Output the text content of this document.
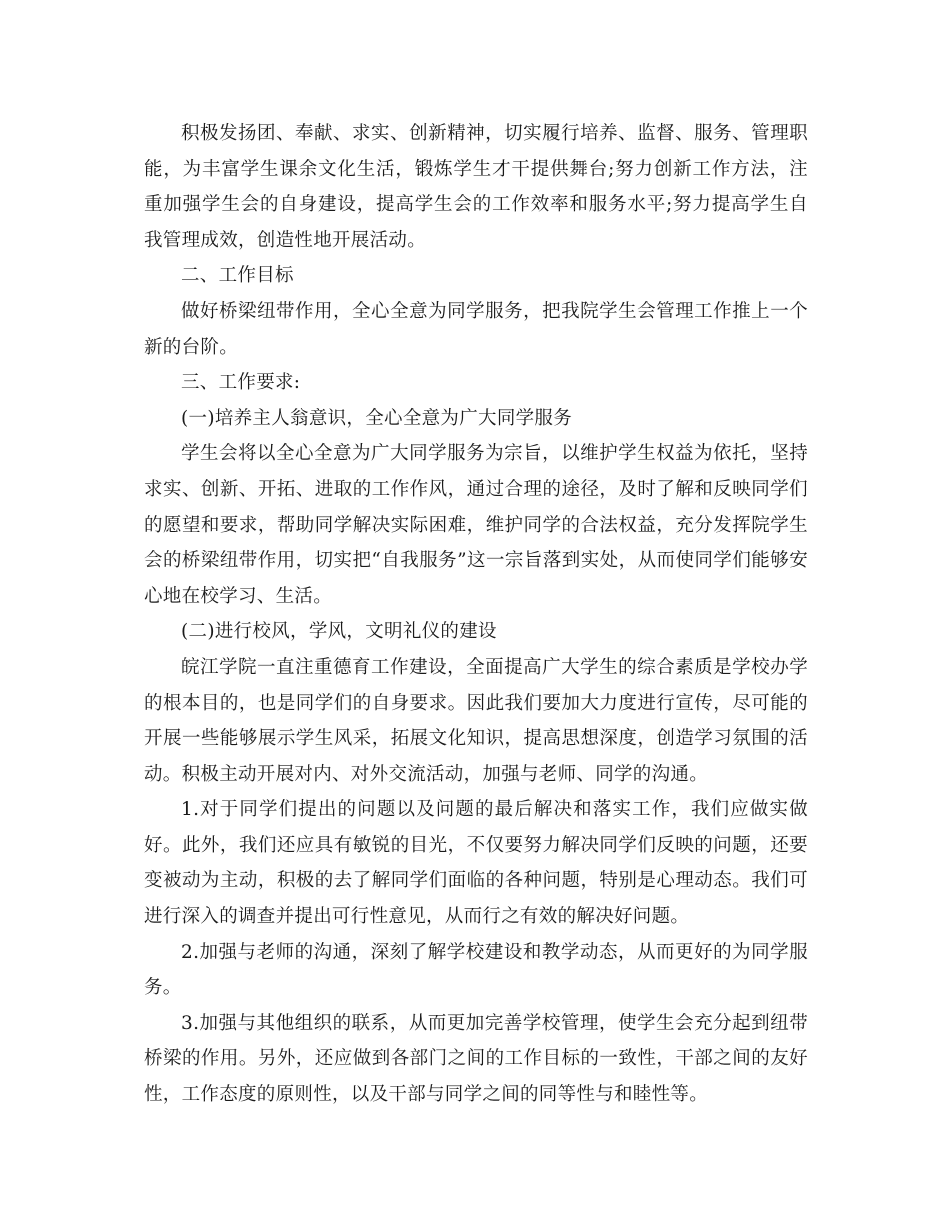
积极发扬团、奉献、求实、创新精神，切实履行培养、监督、服务、管理职能，为丰富学生课余文化生活，锻炼学生才干提供舞台;努力创新工作方法，注重加强学生会的自身建设，提高学生会的工作效率和服务水平;努力提高学生自我管理成效，创造性地开展活动。

二、工作目标

做好桥梁纽带作用，全心全意为同学服务，把我院学生会管理工作推上一个新的台阶。

三、工作要求:

(一)培养主人翁意识，全心全意为广大同学服务

学生会将以全心全意为广大同学服务为宗旨，以维护学生权益为依托，坚持求实、创新、开拓、进取的工作作风，通过合理的途径，及时了解和反映同学们的愿望和要求，帮助同学解决实际困难，维护同学的合法权益，充分发挥院学生会的桥梁纽带作用，切实把“自我服务”这一宗旨落到实处，从而使同学们能够安心地在校学习、生活。

(二)进行校风，学风，文明礼仪的建设

皖江学院一直注重德育工作建设，全面提高广大学生的综合素质是学校办学的根本目的，也是同学们的自身要求。因此我们要加大力度进行宣传，尽可能的开展一些能够展示学生风采，拓展文化知识，提高思想深度，创造学习氛围的活动。积极主动开展对内、对外交流活动，加强与老师、同学的沟通。

1.对于同学们提出的问题以及问题的最后解决和落实工作，我们应做实做好。此外，我们还应具有敏锐的目光，不仅要努力解决同学们反映的问题，还要变被动为主动，积极的去了解同学们面临的各种问题，特别是心理动态。我们可进行深入的调查并提出可行性意见，从而行之有效的解决好问题。

2.加强与老师的沟通，深刻了解学校建设和教学动态，从而更好的为同学服务。

3.加强与其他组织的联系，从而更加完善学校管理，使学生会充分起到纽带桥梁的作用。另外，还应做到各部门之间的工作目标的一致性，干部之间的友好性，工作态度的原则性，以及干部与同学之间的同等性与和睦性等。
